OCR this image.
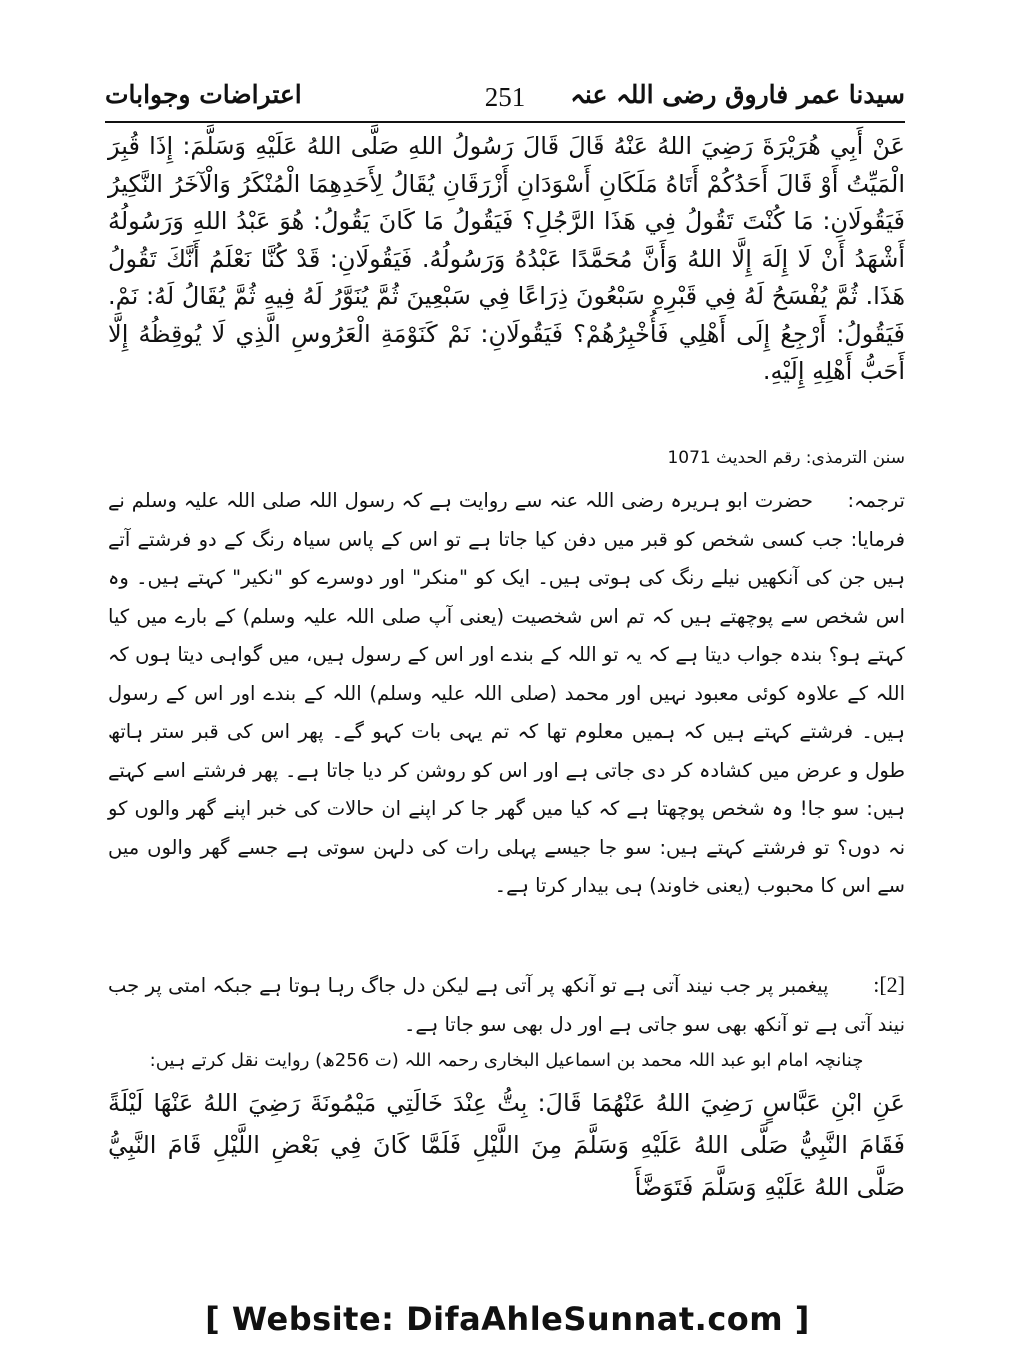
سیدنا عمر فاروق رضی اللہ عنہ
251
اعتراضات وجوابات

عَنْ أَبِي هُرَيْرَةَ رَضِيَ اللهُ عَنْهُ قَالَ قَالَ رَسُولُ اللهِ صَلَّى اللهُ عَلَيْهِ وَسَلَّمَ: إِذَا قُبِرَ الْمَيِّتُ أَوْ قَالَ أَحَدُكُمْ أَتَاهُ مَلَكَانِ أَسْوَدَانِ أَزْرَقَانِ يُقَالُ لِأَحَدِهِمَا الْمُنْكَرُ وَالْآخَرُ النَّكِيرُ فَيَقُولَانِ: مَا كُنْتَ تَقُولُ فِي هَذَا الرَّجُلِ؟ فَيَقُولُ مَا كَانَ يَقُولُ: هُوَ عَبْدُ اللهِ وَرَسُولُهُ أَشْهَدُ أَنْ لَا إِلَهَ إِلَّا اللهُ وَأَنَّ مُحَمَّدًا عَبْدُهُ وَرَسُولُهُ. فَيَقُولَانِ: قَدْ كُنَّا نَعْلَمُ أَنَّكَ تَقُولُ هَذَا. ثُمَّ يُفْسَحُ لَهُ فِي قَبْرِهِ سَبْعُونَ ذِرَاعًا فِي سَبْعِينَ ثُمَّ يُنَوَّرُ لَهُ فِيهِ ثُمَّ يُقَالُ لَهُ: نَمْ. فَيَقُولُ: أَرْجِعُ إِلَى أَهْلِي فَأُخْبِرُهُمْ؟ فَيَقُولَانِ: نَمْ كَنَوْمَةِ الْعَرُوسِ الَّذِي لَا يُوقِظُهُ إِلَّا أَحَبُّ أَهْلِهِ إِلَيْهِ.

سنن الترمذی: رقم الحدیث 1071
ترجمہ:     حضرت ابو ہریرہ رضی اللہ عنہ سے روایت ہے کہ رسول اللہ صلی اللہ علیہ وسلم نے فرمایا: جب کسی شخص کو قبر میں دفن کیا جاتا ہے تو اس کے پاس سیاہ رنگ کے دو فرشتے آتے ہیں جن کی آنکھیں نیلے رنگ کی ہوتی ہیں۔ ایک کو "منکر" اور دوسرے کو "نکیر" کہتے ہیں۔ وہ اس شخص سے پوچھتے ہیں کہ تم اس شخصیت (یعنی آپ صلی اللہ علیہ وسلم) کے بارے میں کیا کہتے ہو؟ بندہ جواب دیتا ہے کہ یہ تو اللہ کے بندے اور اس کے رسول ہیں، میں گواہی دیتا ہوں کہ اللہ کے علاوہ کوئی معبود نہیں اور محمد (صلی اللہ علیہ وسلم) اللہ کے بندے اور اس کے رسول ہیں۔ فرشتے کہتے ہیں کہ ہمیں معلوم تھا کہ تم یہی بات کہو گے۔ پھر اس کی قبر ستر ہاتھ طول و عرض میں کشادہ کر دی جاتی ہے اور اس کو روشن کر دیا جاتا ہے۔ پھر فرشتے اسے کہتے ہیں: سو جا! وہ شخص پوچھتا ہے کہ کیا میں گھر جا کر اپنے ان حالات کی خبر اپنے گھر والوں کو نہ دوں؟ تو فرشتے کہتے ہیں: سو جا جیسے پہلی رات کی دلہن سوتی ہے جسے گھر والوں میں سے اس کا محبوب (یعنی خاوند) ہی بیدار کرتا ہے۔
[2]:       پیغمبر پر جب نیند آتی ہے تو آنکھ پر آتی ہے لیکن دل جاگ رہا ہوتا ہے جبکہ امتی پر جب نیند آتی ہے تو آنکھ بھی سو جاتی ہے اور دل بھی سو جاتا ہے۔
چنانچہ امام ابو عبد اللہ محمد بن اسماعیل البخاری رحمہ اللہ (ت 256ھ) روایت نقل کرتے ہیں:

عَنِ ابْنِ عَبَّاسٍ رَضِيَ اللهُ عَنْهُمَا قَالَ: بِتُّ عِنْدَ خَالَتِي مَيْمُونَةَ رَضِيَ اللهُ عَنْهَا لَيْلَةً فَقَامَ النَّبِيُّ صَلَّى اللهُ عَلَيْهِ وَسَلَّمَ مِنَ اللَّيْلِ فَلَمَّا كَانَ فِي بَعْضِ اللَّيْلِ قَامَ النَّبِيُّ صَلَّى اللهُ عَلَيْهِ وَسَلَّمَ فَتَوَضَّأَ

[ Website: DifaAhleSunnat.com ]
